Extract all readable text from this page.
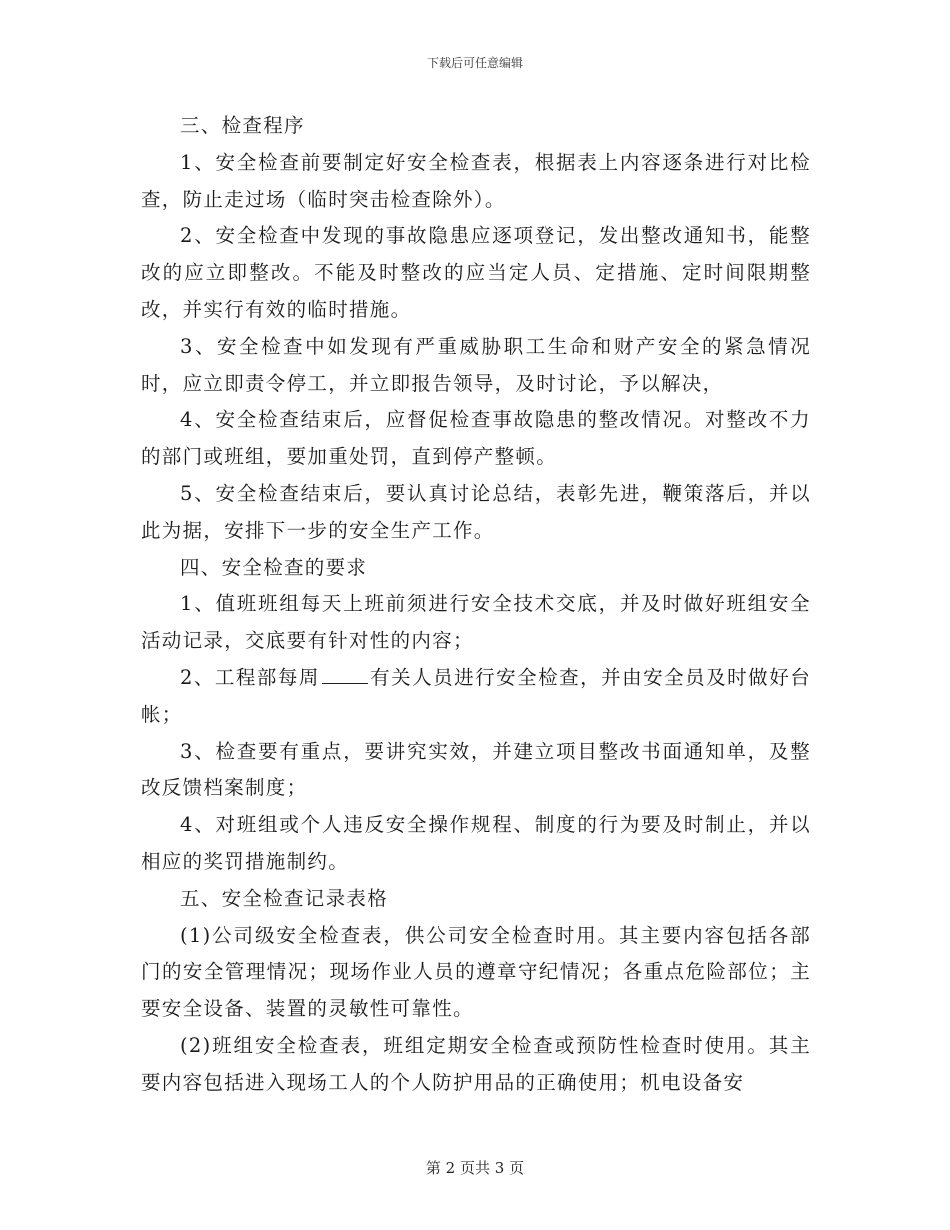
下载后可任意编辑

三、检查程序

1、安全检查前要制定好安全检查表，根据表上内容逐条进行对比检查，防止走过场（临时突击检查除外）。

2、安全检查中发现的事故隐患应逐项登记，发出整改通知书，能整改的应立即整改。不能及时整改的应当定人员、定措施、定时间限期整改，并实行有效的临时措施。

3、安全检查中如发现有严重威胁职工生命和财产安全的紧急情况时，应立即责令停工，并立即报告领导，及时讨论，予以解决，

4、安全检查结束后，应督促检查事故隐患的整改情况。对整改不力的部门或班组，要加重处罚，直到停产整顿。

5、安全检查结束后，要认真讨论总结，表彰先进，鞭策落后，并以此为据，安排下一步的安全生产工作。

四、安全检查的要求

1、值班班组每天上班前须进行安全技术交底，并及时做好班组安全活动记录，交底要有针对性的内容；

2、工程部每周	有关人员进行安全检查，并由安全员及时做好台帐；

3、检查要有重点，要讲究实效，并建立项目整改书面通知单，及整改反馈档案制度；

4、对班组或个人违反安全操作规程、制度的行为要及时制止，并以相应的奖罚措施制约。

五、安全检查记录表格

(1)公司级安全检查表，供公司安全检查时用。其主要内容包括各部门的安全管理情况；现场作业人员的遵章守纪情况；各重点危险部位；主要安全设备、装置的灵敏性可靠性。

(2)班组安全检查表，班组定期安全检查或预防性检查时使用。其主要内容包括进入现场工人的个人防护用品的正确使用；机电设备安

第 2 页共 3 页
